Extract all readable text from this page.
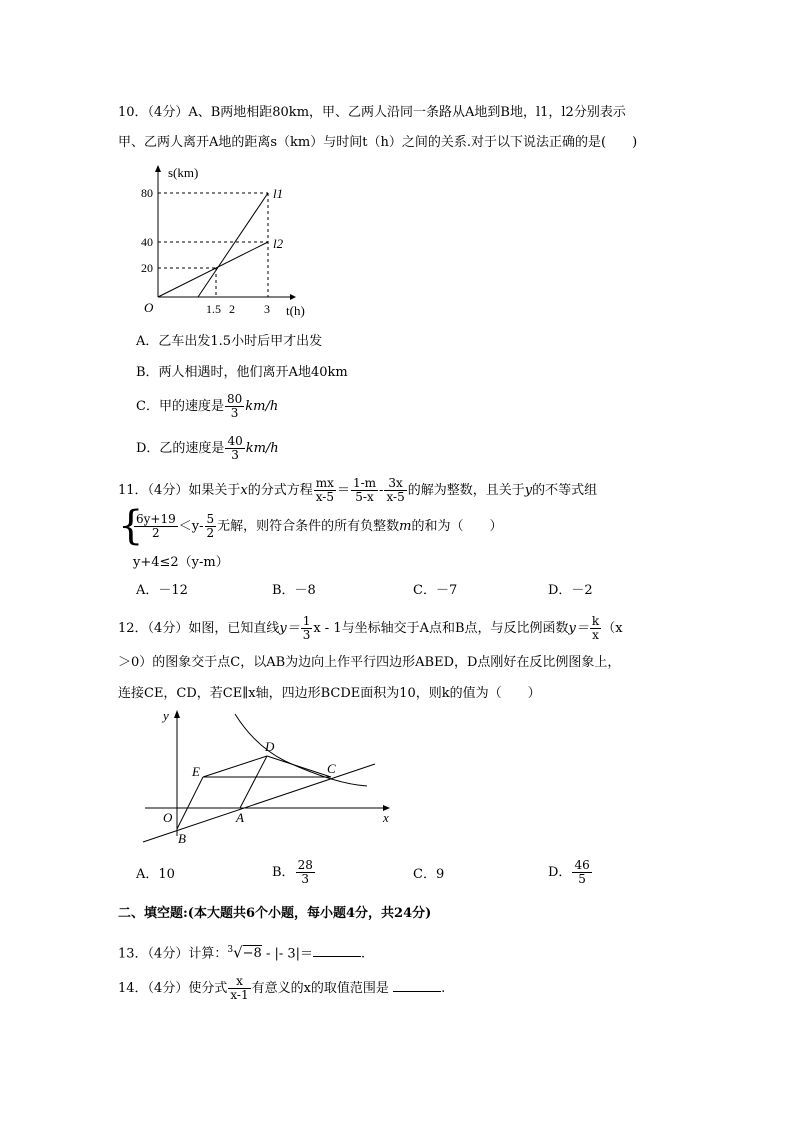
10．（4分）A、B两地相距80km，甲、乙两人沿同一条路从A地到B地，l1，l2分别表示
甲、乙两人离开A地的距离s（km）与时间t（h）之间的关系.对于以下说法正确的是(　　)
s(km)
80
40
20
O	1.5 2 3 t(h)
l1
l2
A．乙车出发1.5小时后甲才出发
B．两人相遇时，他们离开A地40km
C．甲的速度是 $\frac{80}{3} km/h$
D．乙的速度是 $\frac{40}{3} km/h$
11．（4分）如果关于x的分式方程 $\frac{mx}{x-5} = \frac{1-m}{5-x} - \frac{3x}{x-5}$ 的解为整数，且关于y的不等式组
{
$\frac{6y+19}{2} <y- \frac{5}{2}$ 无解，则符合条件的所有负整数m的和为（　　）
y+4≤2（y-m）
A．－12	B．－8	C．－7	D．－2
12．（4分）如图，已知直线$y= \frac{1}{3}$ x - 1与坐标轴交于A点和B点，与反比例函数$y= \frac{k}{x} (x$
＞0）的图象交于点C，以AB为边向上作平行四边形ABED，D点刚好在反比例图象上，
连接CE，CD，若CE∥x轴，四边形BCDE面积为10，则k的值为（　　）
y
x
O	A
B
C
D
E
A．10	B． $\frac{28}{3}$	C．9	D． $\frac{46}{5}$
二、填空题:(本大题共6个小题，每小题4分，共24分)
13．（4分）计算：$^3$√−8 - |- 3|＝	.
14．（4分）使分式 $\frac{x}{x-1}$ 有意义的x的取值范围是	.
